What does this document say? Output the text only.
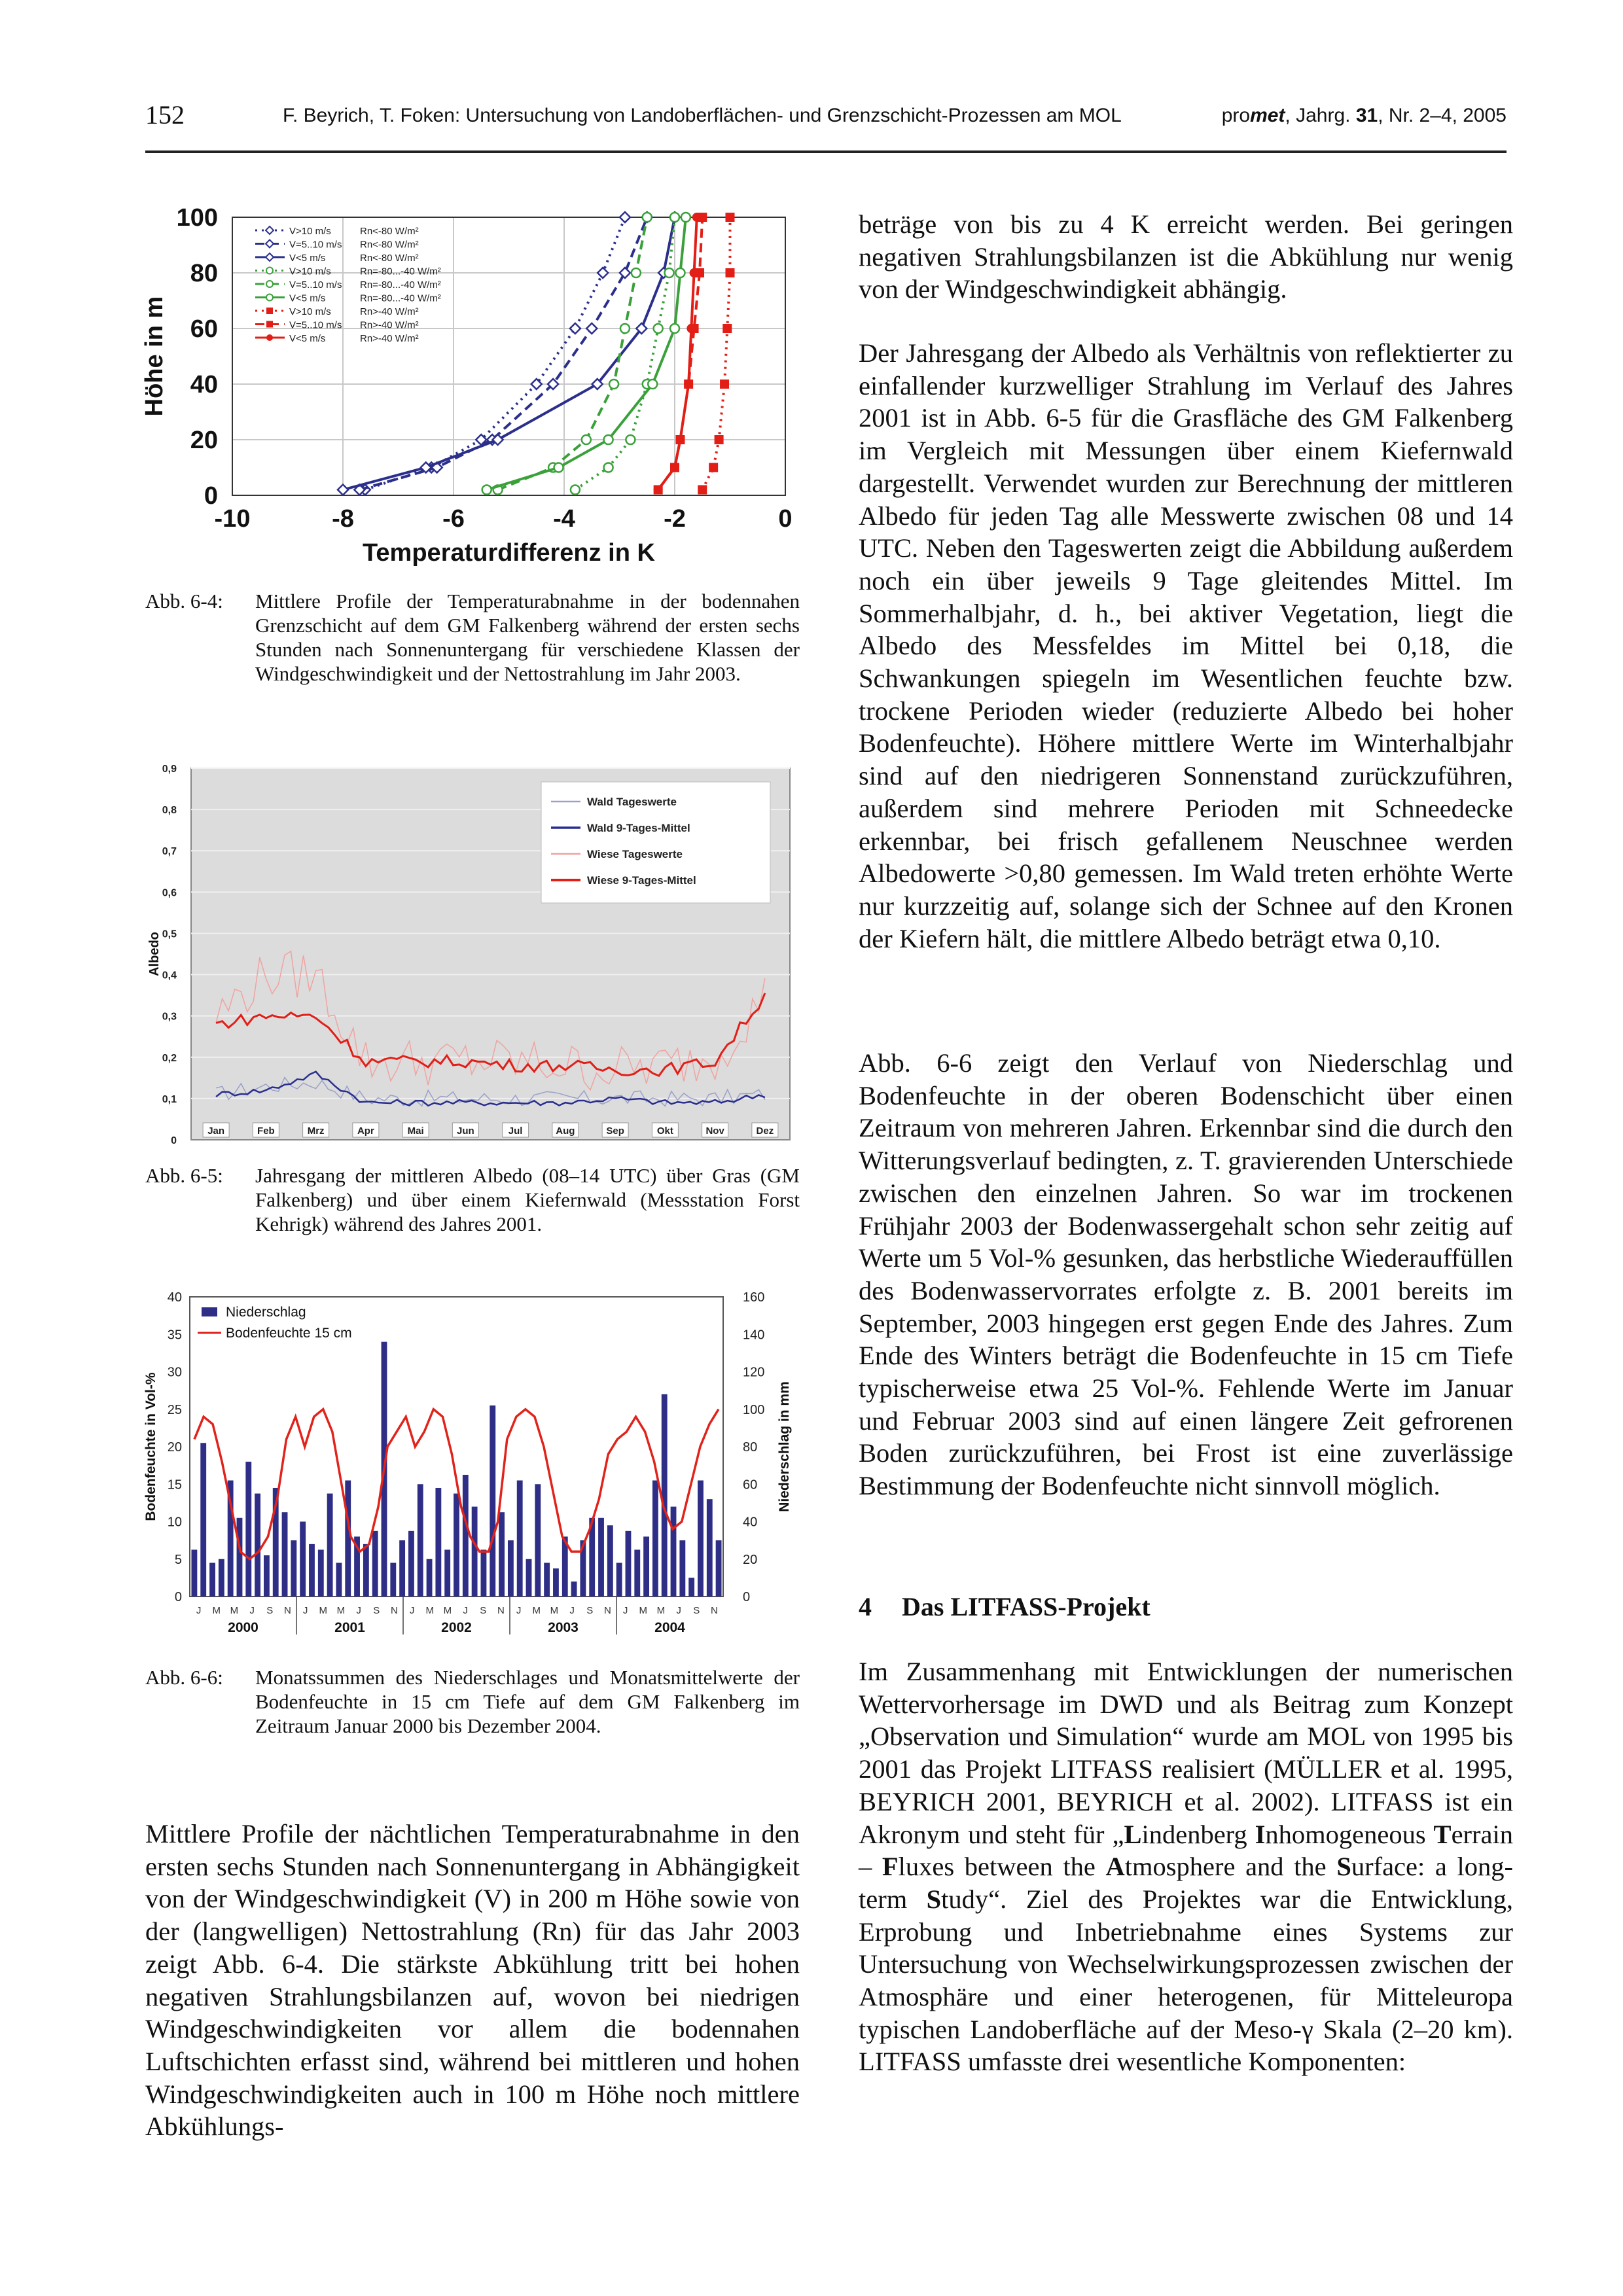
152	F. Beyrich, T. Foken: Untersuchung von Landoberflächen- und Grenzschicht-Prozessen am MOL	promet, Jahrg. 31, Nr. 2–4, 2005
-10	-8	-6	-4	-2	0
0
20
40
60
80
100
Temperaturdifferenz in K
Höhe in m
V>10 m/s	Rn<-80 W/m²
V=5..10 m/s Rn<-80 W/m²
V<5 m/s	Rn<-80 W/m²
V>10 m/s	Rn=-80...-40 W/m²
V=5..10 m/s Rn=-80...-40 W/m²
V<5 m/s	Rn=-80...-40 W/m²
V>10 m/s	Rn>-40 W/m²
V=5..10 m/s Rn>-40 W/m²
V<5 m/s	Rn>-40 W/m²
Abb. 6-4:	Mittlere Profile der Temperaturabnahme in der bodennahen Grenzschicht auf dem GM Falkenberg während der ersten sechs Stunden nach Sonnenuntergang für verschiedene Klassen der Windgeschwindigkeit und der Nettostrahlung im Jahr 2003.
0
0,1
0,2
0,3
0,4
0,5
0,6
0,7
0,8
0,9
Albedo
Jan	Feb	Mrz	Apr	Mai	Jun	Jul	Aug	Sep	Okt	Nov	Dez
Wald Tageswerte
Wald 9-Tages-Mittel
Wiese Tageswerte
Wiese 9-Tages-Mittel
Abb. 6-5:	Jahresgang der mittleren Albedo (08–14 UTC) über Gras (GM Falkenberg) und über einem Kiefernwald (Messstation Forst Kehrigk) während des Jahres 2001.
0
5
10
15
20
25
30
35
40
0
20
40
60
80
100
120
140
160
Bodenfeuchte in Vol-%	Niederschlag in mm
J M M J S N J M M J S N J M M J S N J M M J S N J M M J S N
2000	2001	2002	2003	2004
Niederschlag
Bodenfeuchte 15 cm
Abb. 6-6:	Monatssummen des Niederschlages und Monatsmittelwerte der Bodenfeuchte in 15 cm Tiefe auf dem GM Falkenberg im Zeitraum Januar 2000 bis Dezember 2004.
Mittlere Profile der nächtlichen Temperaturabnahme in den ersten sechs Stunden nach Sonnenuntergang in Abhängigkeit von der Windgeschwindigkeit (V) in 200 m Höhe sowie von der (langwelligen) Nettostrahlung (Rn) für das Jahr 2003 zeigt Abb. 6-4. Die stärkste Abkühlung tritt bei hohen negativen Strahlungsbilanzen auf, wovon bei niedrigen Windgeschwindigkeiten vor allem die bodennahen Luftschichten erfasst sind, während bei mittleren und hohen Windgeschwindigkeiten auch in 100 m Höhe noch mittlere Abkühlungs-
beträge von bis zu 4 K erreicht werden. Bei geringen negativen Strahlungsbilanzen ist die Abkühlung nur wenig von der Windgeschwindigkeit abhängig.
Der Jahresgang der Albedo als Verhältnis von reflektierter zu einfallender kurzwelliger Strahlung im Verlauf des Jahres 2001 ist in Abb. 6-5 für die Grasfläche des GM Falkenberg im Vergleich mit Messungen über einem Kiefernwald dargestellt. Verwendet wurden zur Berechnung der mittleren Albedo für jeden Tag alle Messwerte zwischen 08 und 14 UTC. Neben den Tageswerten zeigt die Abbildung außerdem noch ein über jeweils 9 Tage gleitendes Mittel. Im Sommerhalbjahr, d. h., bei aktiver Vegetation, liegt die Albedo des Messfeldes im Mittel bei 0,18, die Schwankungen spiegeln im Wesentlichen feuchte bzw. trockene Perioden wieder (reduzierte Albedo bei hoher Bodenfeuchte). Höhere mittlere Werte im Winterhalbjahr sind auf den niedrigeren Sonnenstand zurückzuführen, außerdem sind mehrere Perioden mit Schneedecke erkennbar, bei frisch gefallenem Neuschnee werden Albedowerte >0,80 gemessen. Im Wald treten erhöhte Werte nur kurzzeitig auf, solange sich der Schnee auf den Kronen der Kiefern hält, die mittlere Albedo beträgt etwa 0,10.
Abb. 6-6 zeigt den Verlauf von Niederschlag und Bodenfeuchte in der oberen Bodenschicht über einen Zeitraum von mehreren Jahren. Erkennbar sind die durch den Witterungsverlauf bedingten, z. T. gravierenden Unterschiede zwischen den einzelnen Jahren. So war im trockenen Frühjahr 2003 der Bodenwassergehalt schon sehr zeitig auf Werte um 5 Vol-% gesunken, das herbstliche Wiederauffüllen des Bodenwasservorrates erfolgte z. B. 2001 bereits im September, 2003 hingegen erst gegen Ende des Jahres. Zum Ende des Winters beträgt die Bodenfeuchte in 15 cm Tiefe typischerweise etwa 25 Vol-%. Fehlende Werte im Januar und Februar 2003 sind auf einen längere Zeit gefrorenen Boden zurückzuführen, bei Frost ist eine zuverlässige Bestimmung der Bodenfeuchte nicht sinnvoll möglich.
4 Das LITFASS-Projekt
Im Zusammenhang mit Entwicklungen der numerischen Wettervorhersage im DWD und als Beitrag zum Konzept „Observation und Simulation“ wurde am MOL von 1995 bis 2001 das Projekt LITFASS realisiert (MÜLLER et al. 1995, BEYRICH 2001, BEYRICH et al. 2002). LITFASS ist ein Akronym und steht für „Lindenberg Inhomogeneous Terrain – Fluxes between the Atmosphere and the Surface: a long-term Study“. Ziel des Projektes war die Entwicklung, Erprobung und Inbetriebnahme eines Systems zur Untersuchung von Wechselwirkungsprozessen zwischen der Atmosphäre und einer heterogenen, für Mitteleuropa typischen Landoberfläche auf der Meso-γ Skala (2–20 km). LITFASS umfasste drei wesentliche Komponenten:
